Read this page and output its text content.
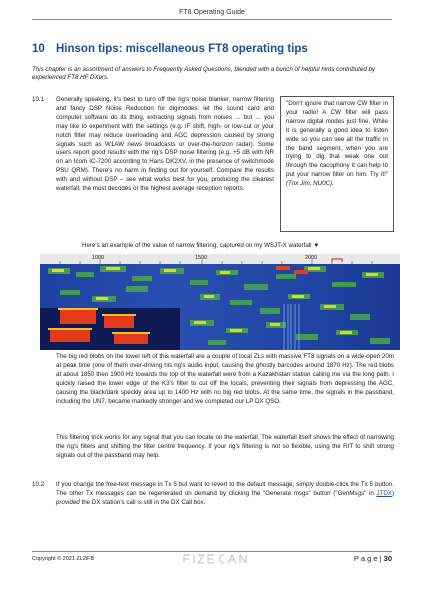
FT8 Operating Guide
10 Hinson tips: miscellaneous FT8 operating tips
This chapter is an assortment of answers to Frequently Asked Questions, blended with a bunch of helpful hints contributed by experienced FT8 HF DXers.
10.1 Generally speaking, it's best to turn off the rig's noise blanker, narrow filtering and fancy DSP Noise Reduction for digimodes: let the sound card and computer software do its thing, extracting signals from noises … but … you may like to experiment with the settings (e.g. IF shift, high- or low-cut or your notch filter may reduce overloading and AGC depression caused by strong signals such as W1AW news broadcasts or over-the-horizon radar). Some users report good results with the rig's DSP noise filtering (e.g. +5 dB with NR on an Icom IC-7200 according to Hans DK2XV, in the presence of switchmode PSU QRM). There's no harm in finding out for yourself. Compare the results with and without DSP – see what works best for you, producing the clearest waterfall, the most decodes or the highest average reception reports.
"Don't ignore that narrow CW filter in your radio! A CW filter will pass narrow digital modes just fine. While it is generally a good idea to listen wide so you can see all the traffic in the band segment, when you are trying to dig that weak one out through the cacophony it can help to put your narrow filter on him. Try it!" (Tnx Jim, NU0C).
Here's an example of the value of narrow filtering, captured on my WSJT-X waterfall ▼
1000	1500	2000
The big red blobs on the lower left of this waterfall are a couple of local ZLs with massive FT8 signals on a wide-open 20m at peak time (one of them over-driving his rig's audio input, causing the ghostly barcodes around 1870 Hz). The red blobs at about 1850 then 1900 Hz towards the top of the waterfall were from a Kazakhstan station calling me via the long path. I quickly raised the lower edge of the K3's filter to cut off the locals, preventing their signals from depressing the AGC, causing the black/dark speckly area up to 1400 Hz with no big red blobs. At the same time, the signals in the passband, including the UN7, became markedly stronger and we completed our LP DX QSO.
This filtering trick works for any signal that you can locate on the waterfall. The waterfall itself shows the effect of narrowing the rig's filters and shifting the filter centre frequency. If your rig's filtering is not so flexible, using the RIT to shift strong signals out of the passband may help.
10.2 If you change the free-text message in Tx 5 but want to revert to the default message, simply double-click the Tx 5 button. The other Tx messages can be regenerated on demand by clicking the "Generate msgs" button ("GenMsgs" in JTDX) provided the DX station's call is still in the DX Call box.
Copyright © 2021 ZL2iFB	P a g e | 30
